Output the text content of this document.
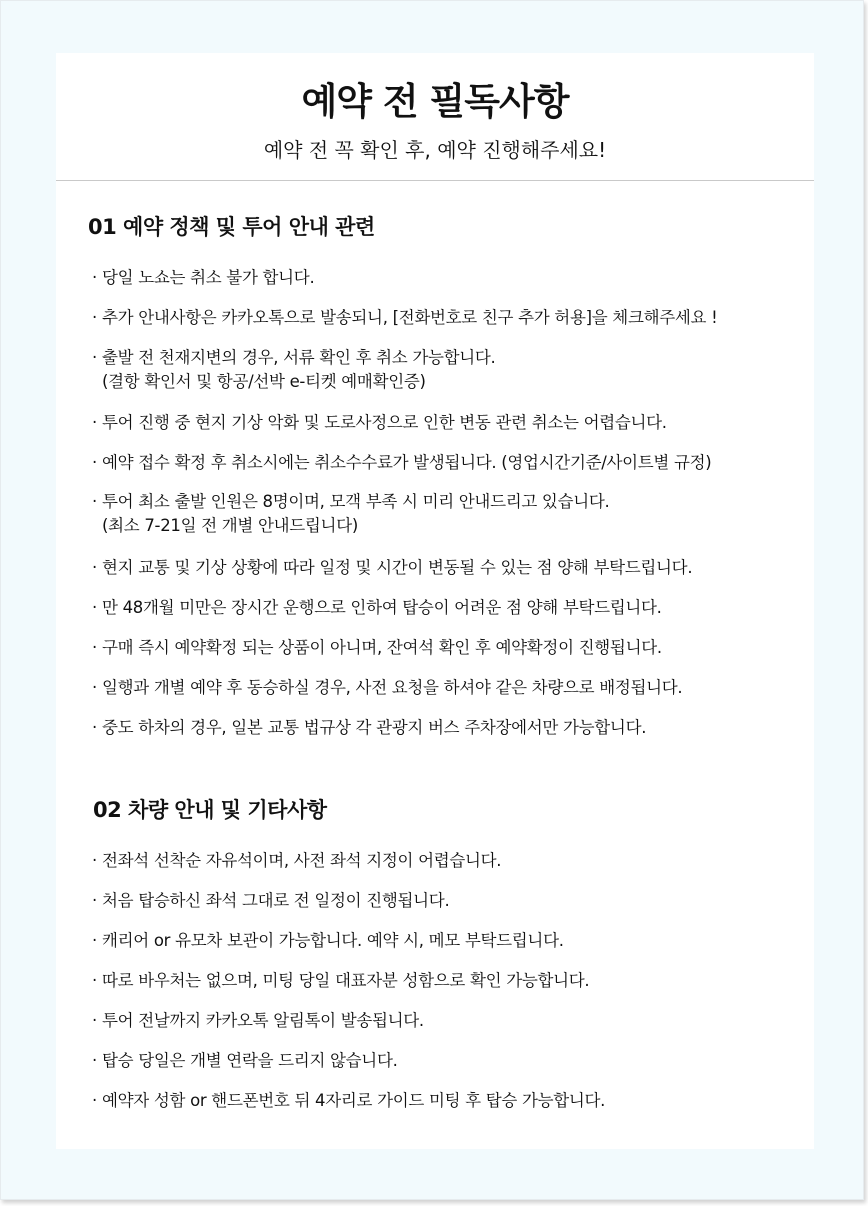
예약 전 필독사항

예약 전 꼭 확인 후, 예약 진행해주세요!

01 예약 정책 및 투어 안내 관련
· 당일 노쇼는 취소 불가 합니다.
· 추가 안내사항은 카카오톡으로 발송되니, [전화번호로 친구 추가 허용]을 체크해주세요 !
· 출발 전 천재지변의 경우, 서류 확인 후 취소 가능합니다.
(결항 확인서 및 항공/선박 e-티켓 예매확인증)
· 투어 진행 중 현지 기상 악화 및 도로사정으로 인한 변동 관련 취소는 어렵습니다.
· 예약 접수 확정 후 취소시에는 취소수수료가 발생됩니다. (영업시간기준/사이트별 규정)
· 투어 최소 출발 인원은 8명이며, 모객 부족 시 미리 안내드리고 있습니다.
(최소 7-21일 전 개별 안내드립니다)
· 현지 교통 및 기상 상황에 따라 일정 및 시간이 변동될 수 있는 점 양해 부탁드립니다.
· 만 48개월 미만은 장시간 운행으로 인하여 탑승이 어려운 점 양해 부탁드립니다.
· 구매 즉시 예약확정 되는 상품이 아니며, 잔여석 확인 후 예약확정이 진행됩니다.
· 일행과 개별 예약 후 동승하실 경우, 사전 요청을 하셔야 같은 차량으로 배정됩니다.
· 중도 하차의 경우, 일본 교통 법규상 각 관광지 버스 주차장에서만 가능합니다.
02 차량 안내 및 기타사항
· 전좌석 선착순 자유석이며, 사전 좌석 지정이 어렵습니다.
· 처음 탑승하신 좌석 그대로 전 일정이 진행됩니다.
· 캐리어 or 유모차 보관이 가능합니다. 예약 시, 메모 부탁드립니다.
· 따로 바우처는 없으며, 미팅 당일 대표자분 성함으로 확인 가능합니다.
· 투어 전날까지 카카오톡 알림톡이 발송됩니다.
· 탑승 당일은 개별 연락을 드리지 않습니다.
· 예약자 성함 or 핸드폰번호 뒤 4자리로 가이드 미팅 후 탑승 가능합니다.
